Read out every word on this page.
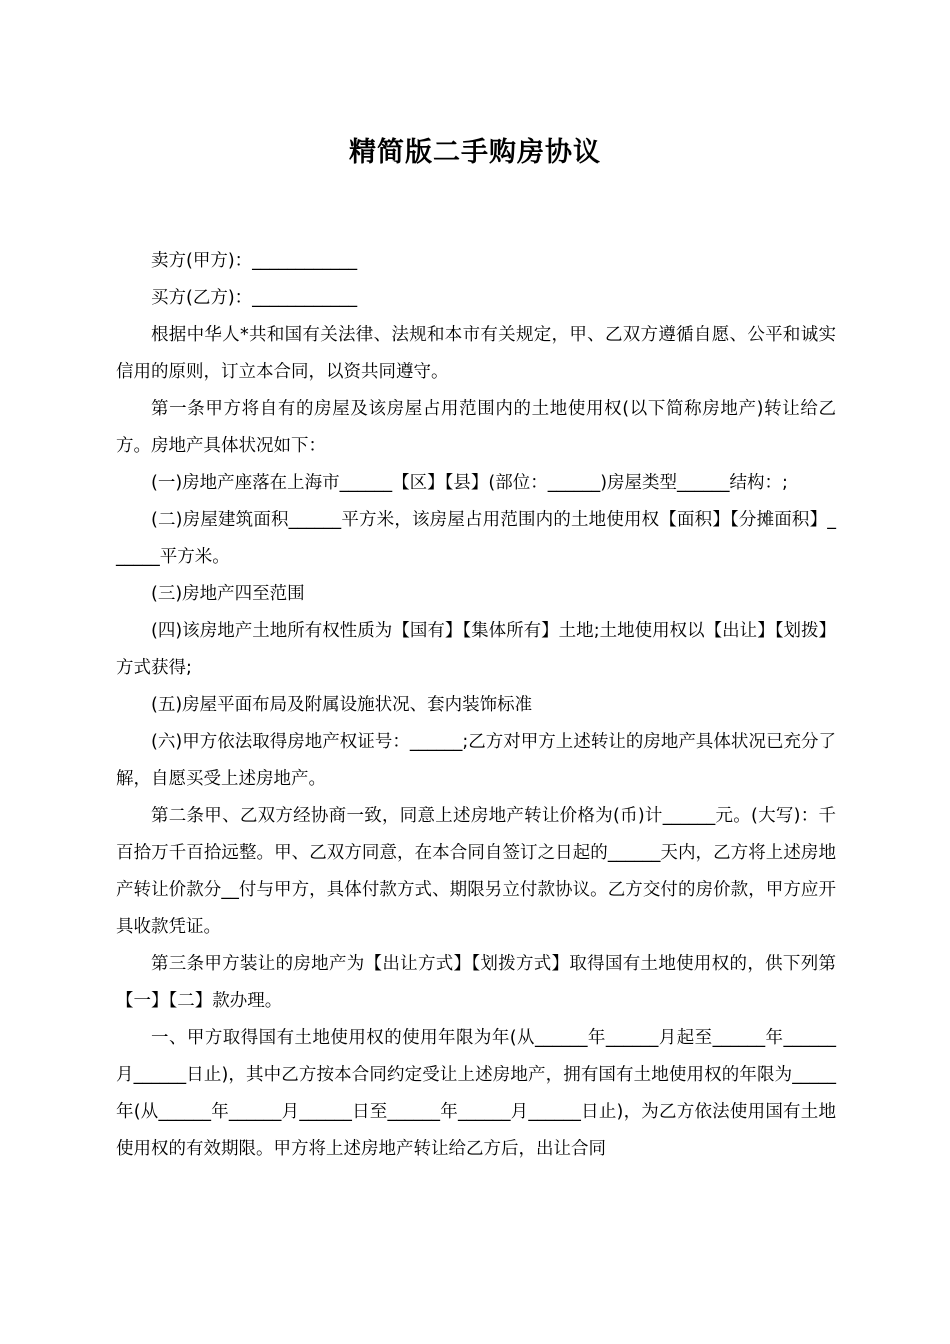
精简版二手购房协议

卖方(甲方)：____________

买方(乙方)：____________

根据中华人*共和国有关法律、法规和本市有关规定，甲、乙双方遵循自愿、公平和诚实信用的原则，订立本合同，以资共同遵守。

第一条甲方将自有的房屋及该房屋占用范围内的土地使用权(以下简称房地产)转让给乙方。房地产具体状况如下：

(一)房地产座落在上海市______【区】【县】(部位：______)房屋类型______结构：;

(二)房屋建筑面积______平方米，该房屋占用范围内的土地使用权【面积】【分摊面积】______平方米。

(三)房地产四至范围

(四)该房地产土地所有权性质为【国有】【集体所有】土地;土地使用权以【出让】【划拨】方式获得;

(五)房屋平面布局及附属设施状况、套内装饰标准

(六)甲方依法取得房地产权证号：______;乙方对甲方上述转让的房地产具体状况已充分了解，自愿买受上述房地产。

第二条甲、乙双方经协商一致，同意上述房地产转让价格为(币)计______元。(大写)：千百拾万千百拾远整。甲、乙双方同意，在本合同自签订之日起的______天内，乙方将上述房地产转让价款分__付与甲方，具体付款方式、期限另立付款协议。乙方交付的房价款，甲方应开具收款凭证。

第三条甲方装让的房地产为【出让方式】【划拨方式】取得国有土地使用权的，供下列第【一】【二】款办理。

一、甲方取得国有土地使用权的使用年限为年(从______年______月起至______年______月______日止)，其中乙方按本合同约定受让上述房地产，拥有国有土地使用权的年限为_____年(从______年______月______日至______年______月______日止)，为乙方依法使用国有土地使用权的有效期限。甲方将上述房地产转让给乙方后，出让合同
